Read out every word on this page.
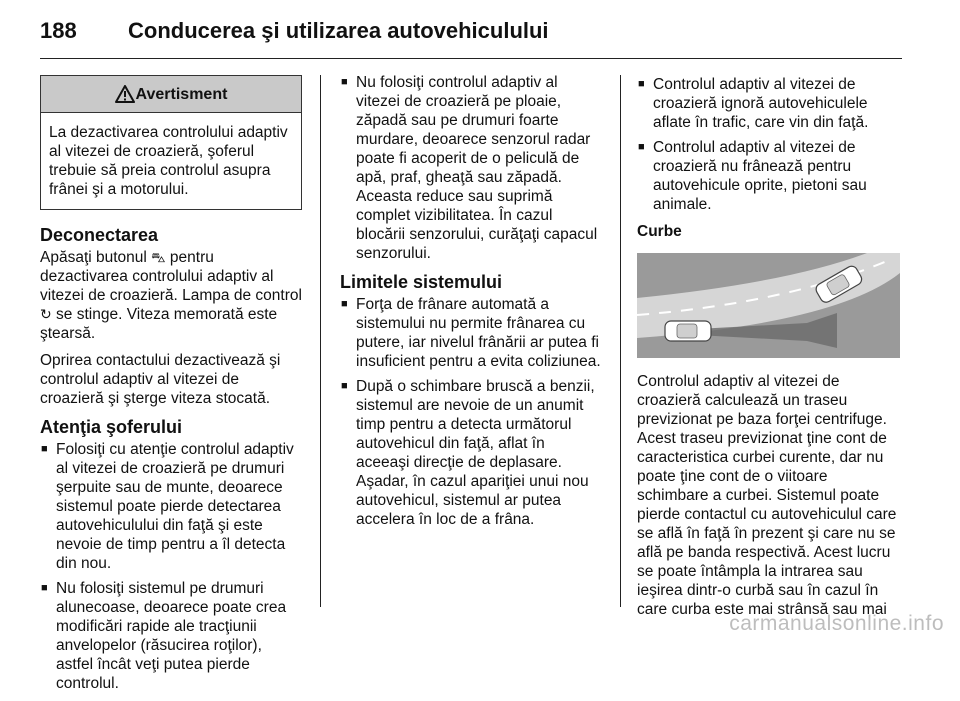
188 Conducerea şi utilizarea autovehiculului
Avertisment
La dezactivarea controlului adaptiv al vitezei de croazieră, şoferul trebuie să preia controlul asupra frânei şi a motorului.
Deconectarea

Apăsaţi butonul ⛍ pentru dezactivarea controlului adaptiv al vitezei de croazieră. Lampa de control ↻ se stinge. Viteza memorată este ştearsă.

Oprirea contactului dezactivează şi controlul adaptiv al vitezei de croazieră şi şterge viteza stocată.

Atenţia şoferului
■ Folosiţi cu atenţie controlul adaptiv al vitezei de croazieră pe drumuri şerpuite sau de munte, deoarece sistemul poate pierde detectarea autovehiculului din faţă şi este nevoie de timp pentru a îl detecta din nou.
■ Nu folosiţi sistemul pe drumuri alunecoase, deoarece poate crea modificări rapide ale tracţiunii anvelopelor (răsucirea roţilor), astfel încât veţi putea pierde controlul.
■ Nu folosiţi controlul adaptiv al vitezei de croazieră pe ploaie, zăpadă sau pe drumuri foarte murdare, deoarece senzorul radar poate fi acoperit de o peliculă de apă, praf, gheaţă sau zăpadă. Aceasta reduce sau suprimă complet vizibilitatea. În cazul blocării senzorului, curăţaţi capacul senzorului.
Limitele sistemului
■ Forţa de frânare automată a sistemului nu permite frânarea cu putere, iar nivelul frânării ar putea fi insuficient pentru a evita coliziunea.
■ După o schimbare bruscă a benzii, sistemul are nevoie de un anumit timp pentru a detecta următorul autovehicul din faţă, aflat în aceeaşi direcţie de deplasare. Aşadar, în cazul apariţiei unui nou autovehicul, sistemul ar putea accelera în loc de a frâna.
■ Controlul adaptiv al vitezei de croazieră ignoră autovehiculele aflate în trafic, care vin din faţă.
■ Controlul adaptiv al vitezei de croazieră nu frânează pentru autovehicule oprite, pietoni sau animale.
Curbe

Controlul adaptiv al vitezei de croazieră calculează un traseu previzionat pe baza forţei centrifuge. Acest traseu previzionat ţine cont de caracteristica curbei curente, dar nu poate ţine cont de o viitoare schimbare a curbei. Sistemul poate pierde contactul cu autovehiculul care se află în faţă în prezent şi care nu se află pe banda respectivă. Acest lucru se poate întâmpla la intrarea sau ieşirea dintr-o curbă sau în cazul în care curba este mai strânsă sau mai

carmanualsonline.info
